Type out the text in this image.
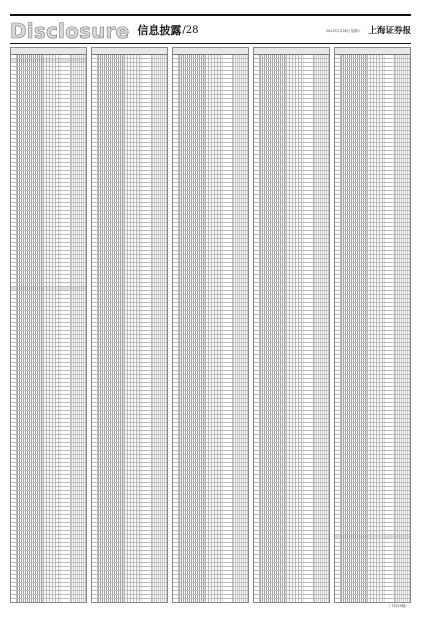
Disclosure 信息披露 /28	2022年2月26日 星期六 上海证券报
（下转29版）
